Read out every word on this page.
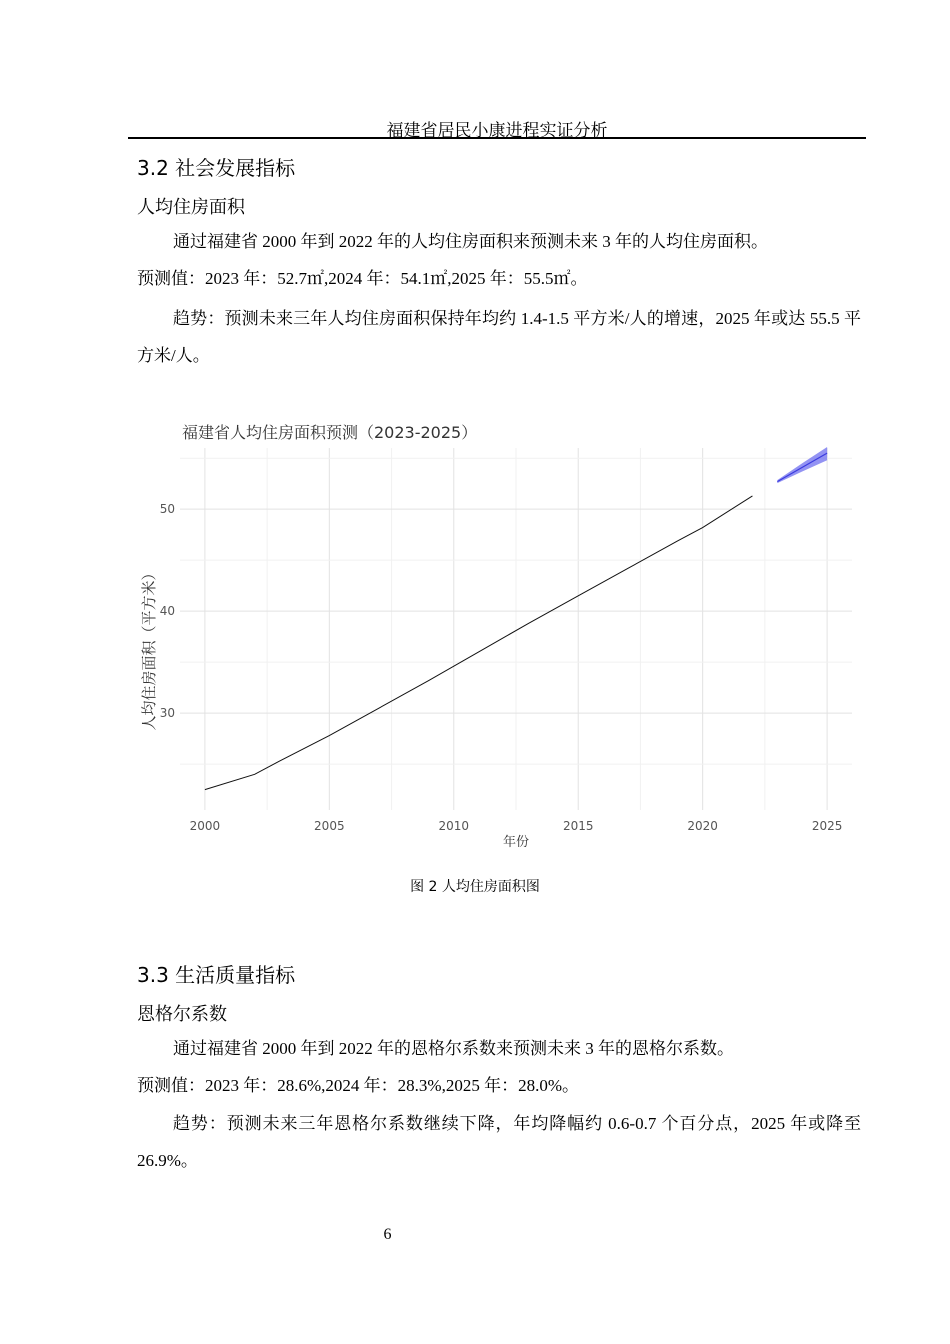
福建省居民小康进程实证分析
3.2 社会发展指标
人均住房面积
通过福建省 2000 年到 2022 年的人均住房面积来预测未来 3 年的人均住房面积。
预测值：2023 年：52.7㎡,2024 年：54.1㎡,2025 年：55.5㎡。
趋势：预测未来三年人均住房面积保持年均约 1.4-1.5 平方米/人的增速，2025 年或达 55.5 平方米/人。
福建省人均住房面积预测（2023-2025）
2000	2005	2010	2015	2020	2025
30
40
50
年份
人均住房面积（平方米）
图 2 人均住房面积图
3.3 生活质量指标
恩格尔系数
通过福建省 2000 年到 2022 年的恩格尔系数来预测未来 3 年的恩格尔系数。
预测值：2023 年：28.6%,2024 年：28.3%,2025 年：28.0%。
趋势：预测未来三年恩格尔系数继续下降，年均降幅约 0.6-0.7 个百分点，2025 年或降至 26.9%。
6
